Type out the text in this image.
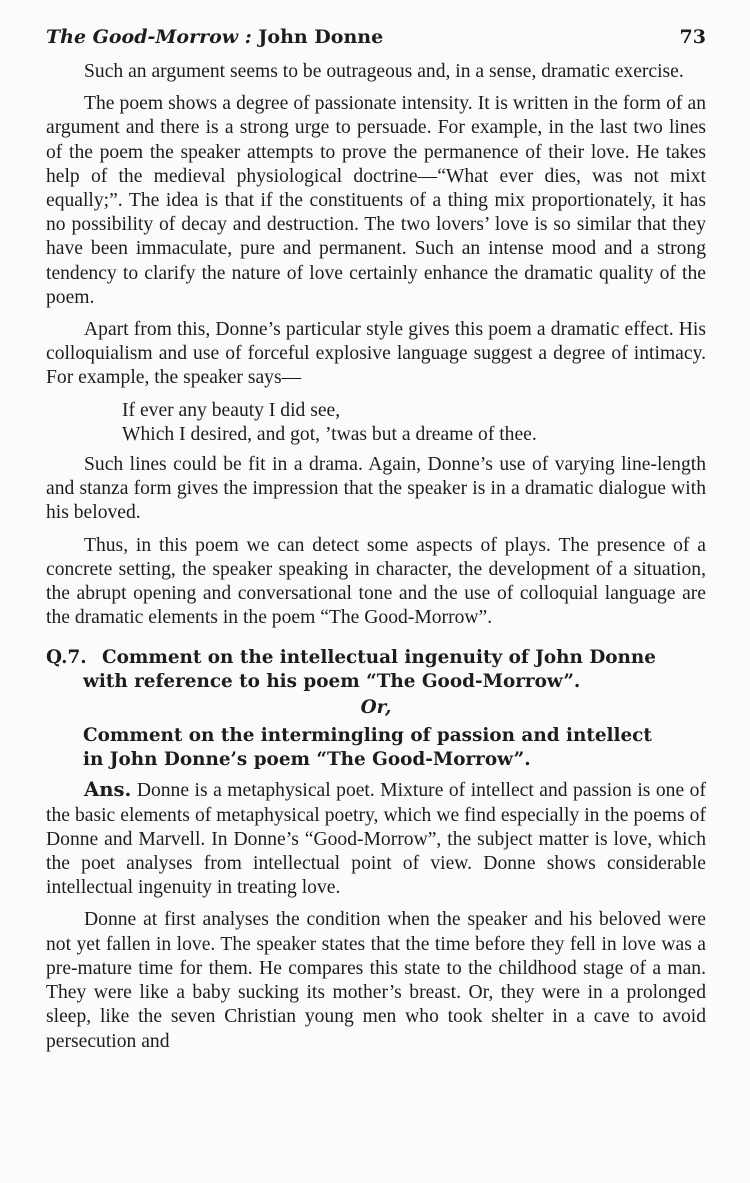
The Good-Morrow : John Donne	73

Such an argument seems to be outrageous and, in a sense, dramatic exercise.

The poem shows a degree of passionate intensity. It is written in the form of an argument and there is a strong urge to persuade. For example, in the last two lines of the poem the speaker attempts to prove the permanence of their love. He takes help of the medieval physiological doctrine—“What ever dies, was not mixt equally;”. The idea is that if the constituents of a thing mix proportionately, it has no possibility of decay and destruction. The two lovers’ love is so similar that they have been immaculate, pure and permanent. Such an intense mood and a strong tendency to clarify the nature of love certainly enhance the dramatic quality of the poem.

Apart from this, Donne’s particular style gives this poem a dramatic effect. His colloquialism and use of forceful explosive language suggest a degree of intimacy. For example, the speaker says—

If ever any beauty I did see,
Which I desired, and got, ’twas but a dreame of thee.

Such lines could be fit in a drama. Again, Donne’s use of varying line-length and stanza form gives the impression that the speaker is in a dramatic dialogue with his beloved.

Thus, in this poem we can detect some aspects of plays. The presence of a concrete setting, the speaker speaking in character, the development of a situation, the abrupt opening and conversational tone and the use of colloquial language are the dramatic elements in the poem “The Good-Morrow”.

Q.7. Comment on the intellectual ingenuity of John Donne
with reference to his poem “The Good-Morrow”.
Or,
Comment on the intermingling of passion and intellect
in John Donne’s poem “The Good-Morrow”.

Ans. Donne is a metaphysical poet. Mixture of intellect and passion is one of the basic elements of metaphysical poetry, which we find especially in the poems of Donne and Marvell. In Donne’s “Good-Morrow”, the subject matter is love, which the poet analyses from intellectual point of view. Donne shows considerable intellectual ingenuity in treating love.

Donne at first analyses the condition when the speaker and his beloved were not yet fallen in love. The speaker states that the time before they fell in love was a pre-mature time for them. He compares this state to the childhood stage of a man. They were like a baby sucking its mother’s breast. Or, they were in a prolonged sleep, like the seven Christian young men who took shelter in a cave to avoid persecution and
